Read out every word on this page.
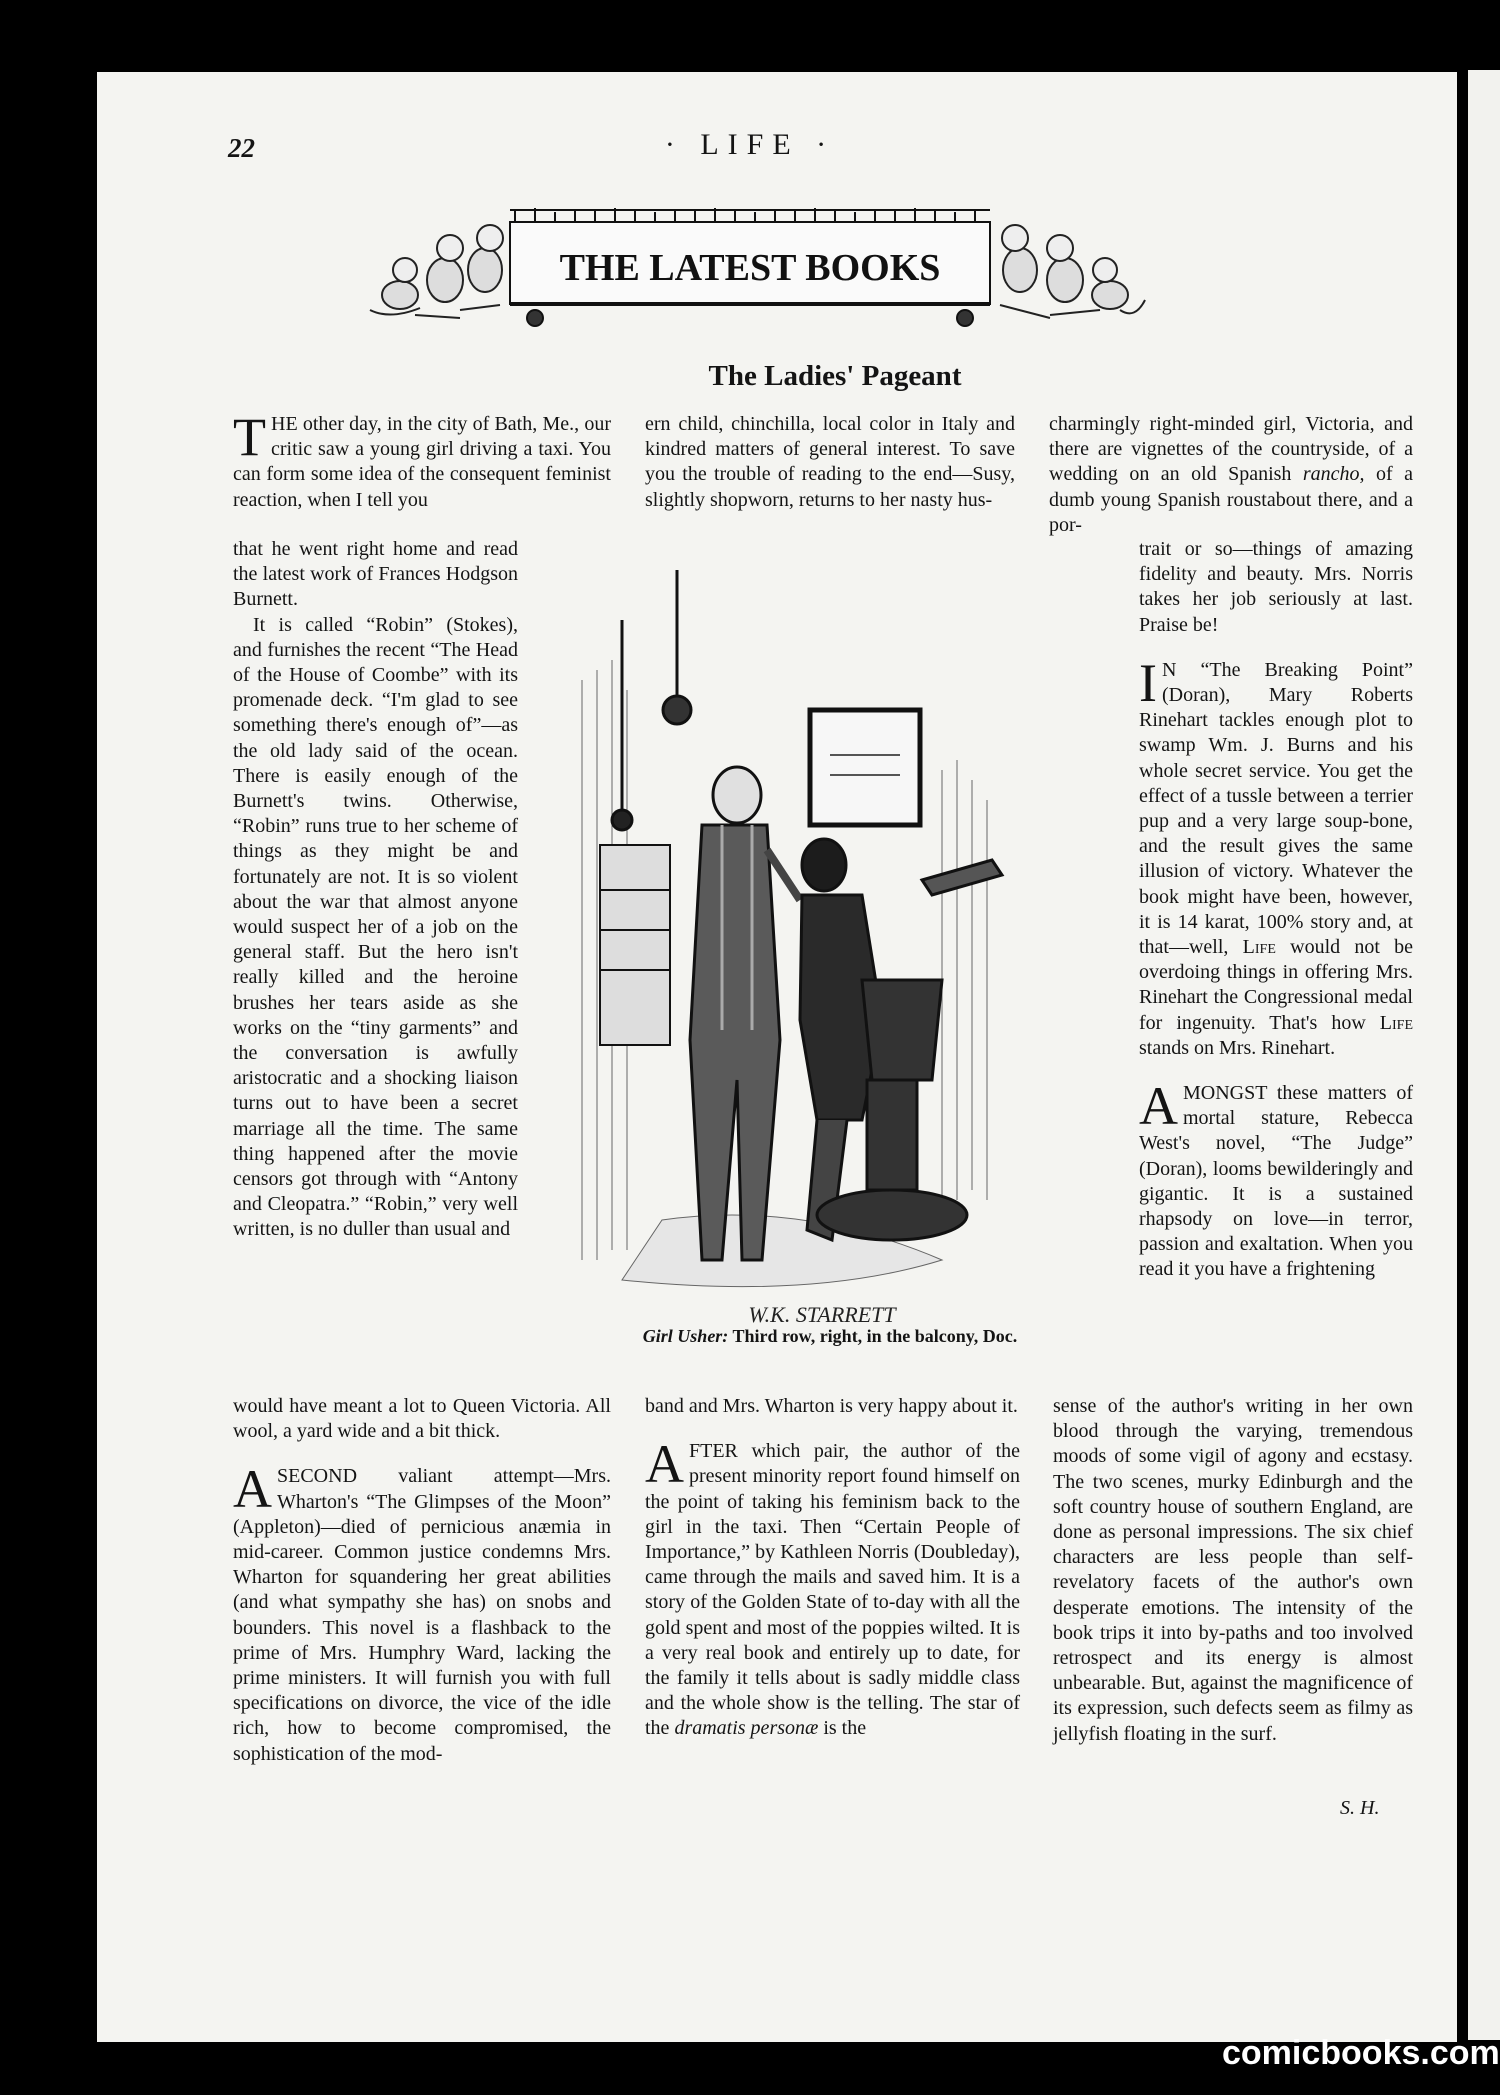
22	· LIFE ·
THE LATEST BOOKS
The Ladies' Pageant

THE other day, in the city of Bath, Me., our critic saw a young girl driving a taxi. You can form some idea of the consequent feminist reaction, when I tell you

that he went right home and read the latest work of Frances Hodgson Burnett.

It is called “Robin” (Stokes), and furnishes the recent “The Head of the House of Coombe” with its promenade deck. “I'm glad to see something there's enough of”—as the old lady said of the ocean. There is easily enough of the Burnett's twins. Otherwise, “Robin” runs true to her scheme of things as they might be and fortunately are not. It is so violent about the war that almost anyone would suspect her of a job on the general staff. But the hero isn't really killed and the heroine brushes her tears aside as she works on the “tiny garments” and the conversation is awfully aristocratic and a shocking liaison turns out to have been a secret marriage all the time. The same thing happened after the movie censors got through with “Antony and Cleopatra.” “Robin,” very well written, is no duller than usual and

would have meant a lot to Queen Victoria. All wool, a yard wide and a bit thick.

ASECOND valiant attempt—Mrs. Wharton's “The Glimpses of the Moon” (Appleton)—died of pernicious anæmia in mid-career. Common justice condemns Mrs. Wharton for squandering her great abilities (and what sympathy she has) on snobs and bounders. This novel is a flashback to the prime of Mrs. Humphry Ward, lacking the prime ministers. It will furnish you with full specifications on divorce, the vice of the idle rich, how to become compromised, the sophistication of the mod-

ern child, chinchilla, local color in Italy and kindred matters of general interest. To save you the trouble of reading to the end—Susy, slightly shopworn, returns to her nasty hus-

band and Mrs. Wharton is very happy about it.

AFTER which pair, the author of the present minority report found himself on the point of taking his feminism back to the girl in the taxi. Then “Certain People of Importance,” by Kathleen Norris (Doubleday), came through the mails and saved him. It is a story of the Golden State of to-day with all the gold spent and most of the poppies wilted. It is a very real book and entirely up to date, for the family it tells about is sadly middle class and the whole show is the telling. The star of the dramatis personæ is the

charmingly right-minded girl, Victoria, and there are vignettes of the countryside, of a wedding on an old Spanish rancho, of a dumb young Spanish roustabout there, and a por-

trait or so—things of amazing fidelity and beauty. Mrs. Norris takes her job seriously at last. Praise be!

I N “The Breaking Point” (Doran), Mary Roberts Rinehart tackles enough plot to swamp Wm. J. Burns and his whole secret service. You get the effect of a tussle between a terrier pup and a very large soup-bone, and the result gives the same illusion of victory. Whatever the book might have been, however, it is 14 karat, 100% story and, at that—well, Life would not be overdoing things in offering Mrs. Rinehart the Congressional medal for ingenuity. That's how Life stands on Mrs. Rinehart.

AMONGST these matters of mortal stature, Rebecca West's novel, “The Judge” (Doran), looms bewilderingly and gigantic. It is a sustained rhapsody on love—in terror, passion and exaltation. When you read it you have a frightening

sense of the author's writing in her own blood through the varying, tremendous moods of some vigil of agony and ecstasy. The two scenes, murky Edinburgh and the soft country house of southern England, are done as personal impressions. The six chief characters are less people than self-revelatory facets of the author's own desperate emotions. The intensity of the book trips it into by-paths and too involved retrospect and its energy is almost unbearable. But, against the magnificence of its expression, such defects seem as filmy as jellyfish floating in the surf.

S. H.
W.K. STARRETT
Girl Usher: Third row, right, in the balcony, Doc.
comicbooks.com
